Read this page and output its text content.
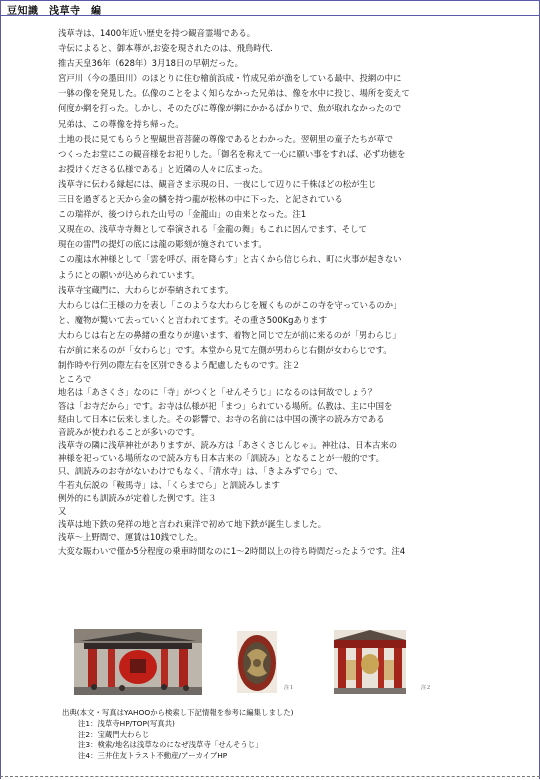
豆知識　浅草寺　編
浅草寺は、1400年近い歴史を持つ観音霊場である。
寺伝によると、御本尊が,お姿を現されたのは、飛鳥時代.
推古天皇36年（628年）3月18日の早朝だった。
宮戸川（今の墨田川）のほとりに住む檜前浜成・竹成兄弟が漁をしている最中、投網の中に
一躰の像を発見した。仏像のことをよく知らなかった兄弟は、像を水中に投じ、場所を変えて
何度か網を打った。しかし、そのたびに尊像が網にかかるばかりで、魚が取れなかったので
兄弟は、この尊像を持ち帰った。
土地の長に見てもらうと聖観世音菩薩の尊像であるとわかった。翌朝里の童子たちが草で
つくったお堂にこの観音様をお祀りした。「御名を称えて一心に願い事をすれば、必ず功徳を
お授けくださる仏様である」と近隣の人々に広まった。
浅草寺に伝わる縁起には、観音さま示現の日、一夜にして辺りに千株ほどの松が生じ
三日を過ぎると天から金の鱗を持つ龍が松林の中に下った、と記されている
この瑞祥が、後つけられた山号の「金龍山」の由来となった。注1
又現在の、浅草寺寺舞として奉演される「金龍の舞」もこれに因んでます、そして
現在の雷門の提灯の底には龍の彫刻が施されています。
この龍は水神様として「雲を呼び、雨を降らす」と古くから信じられ、町に火事が起きない
ようにとの願いが込められています。
浅草寺宝蔵門に、大わらじが奉納されてます。
大わらじは仁王様の力を表し「このような大わらじを履くものがこの寺を守っているのか」
と、魔物が驚いて去っていくと言われてます。その重さ500Kgあります
大わらじは右と左の鼻緒の重なりが違います、着物と同じで左が前に来るのが「男わらじ」
右が前に来るのが「女わらじ」です。本堂から見て左側が男わらじ右側が女わらじです。
制作時や行列の際左右を区別できるよう配慮したものです。注２
ところで
地名は「あさくさ」なのに「寺」がつくと「せんそうじ」になるのは何故でしょう？
答は「お寺だから」です。お寺は仏様が祀「まつ」られている場所。仏教は、主に中国を
経由して日本に伝来しました。その影響で、お寺の名前には中国の漢字の読み方である
音読みが使われることが多いのです。
浅草寺の隣に浅草神社がありますが、読み方は「あさくさじんじゃ」。神社は、日本古来の
神様を祀っている場所なので読み方も日本古来の「訓読み」となることが一般的です。
只、訓読みのお寺がないわけでもなく、「清水寺」は、「きよみずでら」で、
牛若丸伝説の「鞍馬寺」は、「くらまでら」と訓読みします
例外的にも訓読みが定着した例です。注３
又
浅草は地下鉄の発祥の地と言われ東洋で初めて地下鉄が誕生しました。
浅草～上野間で、運賃は10銭でした。
大変な賑わいで僅か5分程度の乗車時間なのに1～2時間以上の待ち時間だったようです。注4
注１	注２
出典(本文・写真はYAHOOから検索し下記情報を参考に編集しました)
注1：浅草寺HP/TOP(写真共)
注2：宝蔵門大わらじ
注3：検索/地名は浅草なのになぜ浅草寺「せんそうじ」
注4：三井住友トラスト不動産/アーカイブHP
